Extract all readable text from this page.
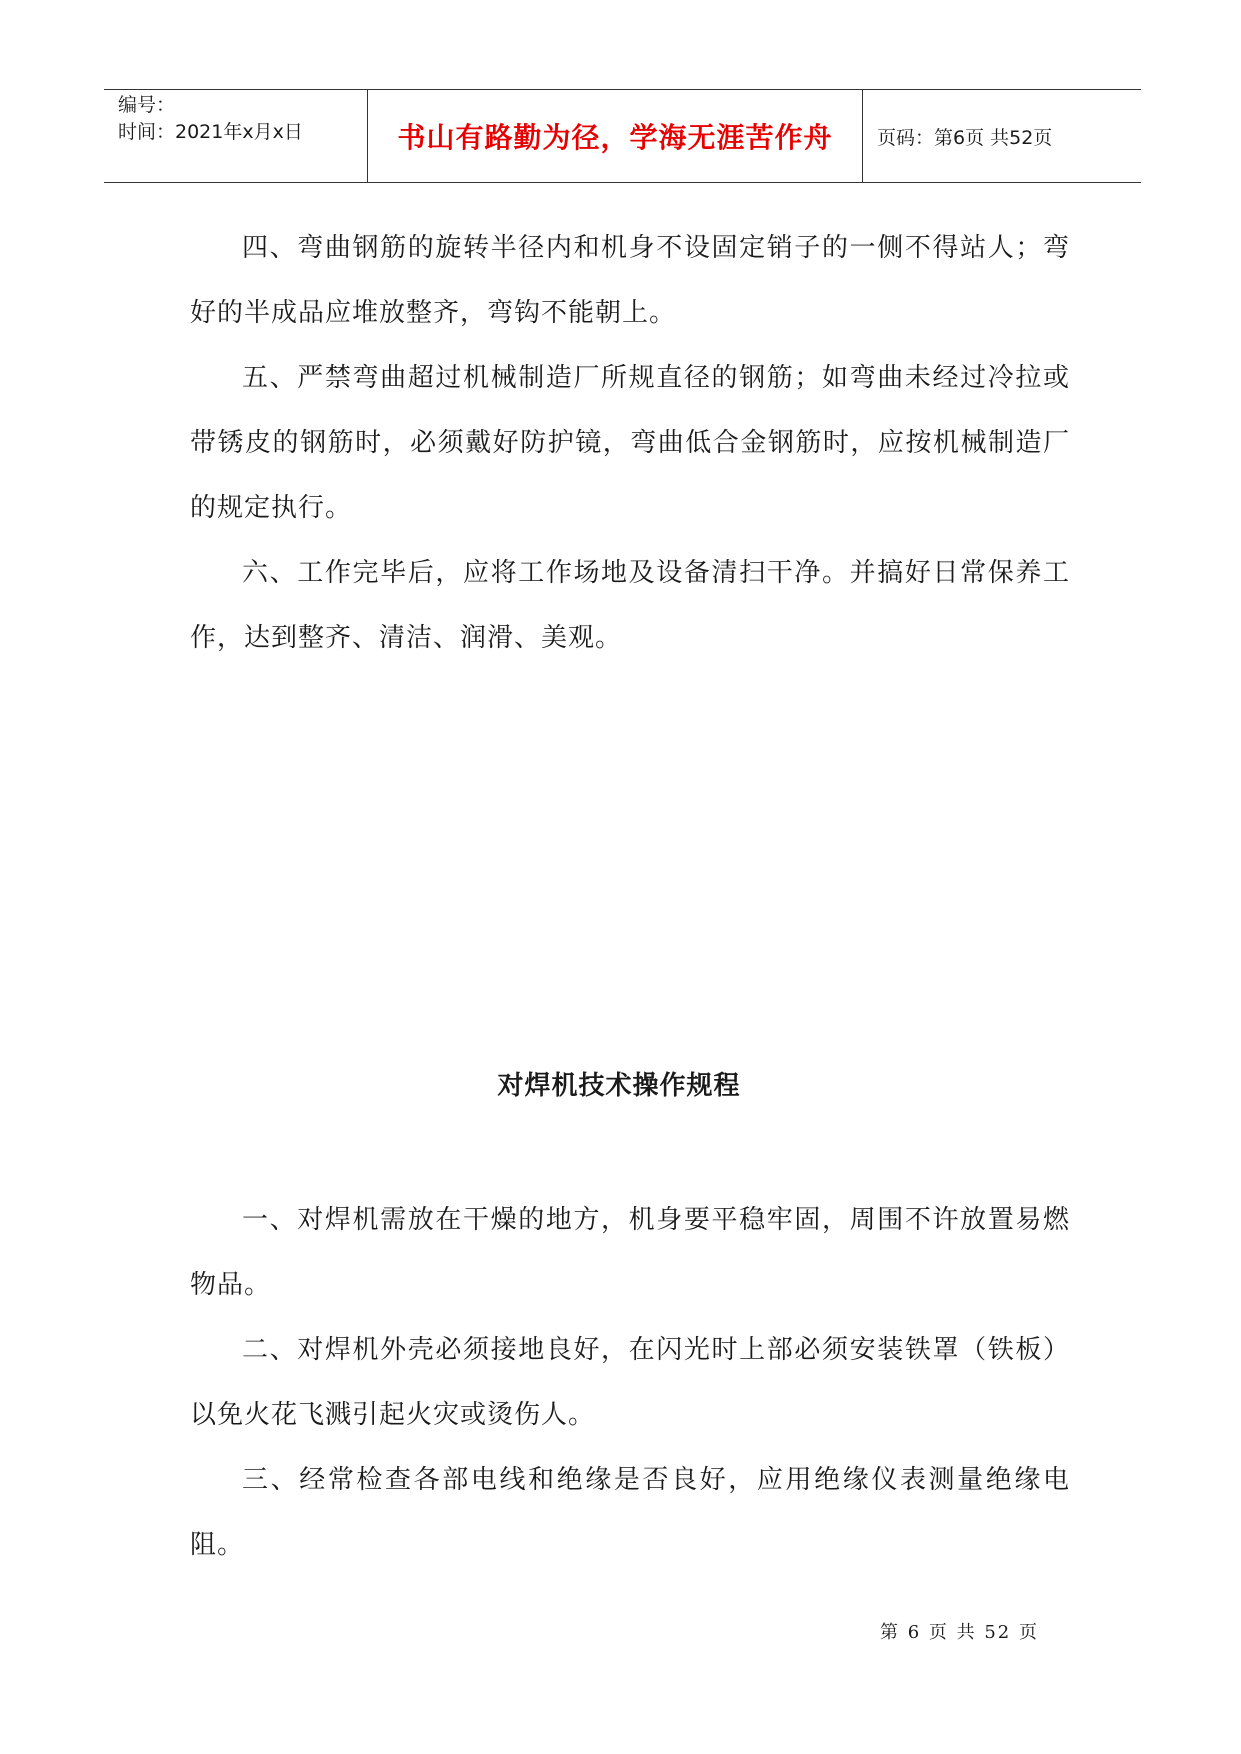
编号：
时间：2021年x月x日	书山有路勤为径，学海无涯苦作舟	页码：第6页 共52页

四、弯曲钢筋的旋转半径内和机身不设固定销子的一侧不得站人；弯好的半成品应堆放整齐，弯钩不能朝上。

五、严禁弯曲超过机械制造厂所规直径的钢筋；如弯曲未经过冷拉或带锈皮的钢筋时，必须戴好防护镜，弯曲低合金钢筋时，应按机械制造厂的规定执行。

六、工作完毕后，应将工作场地及设备清扫干净。并搞好日常保养工作，达到整齐、清洁、润滑、美观。

对焊机技术操作规程

一、对焊机需放在干燥的地方，机身要平稳牢固，周围不许放置易燃物品。

二、对焊机外壳必须接地良好，在闪光时上部必须安装铁罩（铁板）以免火花飞溅引起火灾或烫伤人。

三、经常检查各部电线和绝缘是否良好，应用绝缘仪表测量绝缘电阻。

第 6 页 共 52 页
